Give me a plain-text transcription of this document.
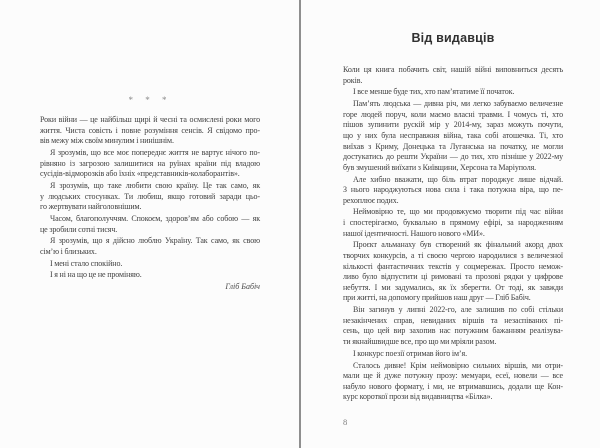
* * *
Роки війни — це найбільш щирі й чесні та осмислені роки мого
життя. Чиста совість і повне розуміння сенсів. Я свідомо про-
вів межу між своїм минулим і нинішнім.
Я зрозумів, що все моє попереднє життя не вартує нічого по-
рівняно із загрозою залишитися на руїнах країни під владою
сусідів-відморозків або їхніх «представників-колаборантів».
Я зрозумів, що таке любити свою країну. Це так само, як
у людських стосунках. Ти любиш, якщо готовий заради цьо-
го жертвувати найголовнішим.
Часом, благополуччям. Спокоєм, здоров’ям або собою — як
це зробили сотні тисяч.
Я зрозумів, що я дійсно люблю Україну. Так само, як свою
сім’ю і близьких.
І мені стало спокійно.
І я ні на що це не проміняю.
Гліб Бабіч
Від видавців
Коли ця книга побачить світ, нашій війні виповниться десять
років.
І все менше буде тих, хто пам’ятатиме її початок.
Пам’ять людська — дивна річ, ми легко забуваємо величезне
горе людей поруч, коли маємо власні травми. І чомусь ті, хто
пішов зупинити рускій мір у 2014-му, зараз можуть почути,
що у них була несправжня війна, така собі атошечка. Ті, хто
виїхав з Криму, Донецька та Луганська на початку, не могли
достукатись до решти України — до тих, хто пізніше у 2022-му
був змушений виїхати з Київщини, Херсона та Маріуполя.
Але хибно вважати, що біль втрат породжує лише відчай.
З нього народжуються нова сила і така потужна віра, що пе-
рехоплює подих.
Неймовірно те, що ми продовжуємо творити під час війни
і спостерігаємо, буквально в прямому ефірі, за народженням
нашої ідентичності. Нашого нового «МИ».
Проєкт альманаху був створений як фінальний акорд двох
творчих конкурсів, а ті своєю чергою народилися з величезної
кількості фантастичних текстів у соцмережах. Просто немож-
ливо було відпустити ці римовані та прозові рядки у цифрове
небуття. І ми задумались, як їх зберегти. От тоді, як завжди
при житті, на допомогу прийшов наш друг — Гліб Бабіч.
Він загинув у липні 2022-го, але залишив по собі стільки
незакінчених справ, невиданих віршів та незаспіваних пі-
сень, що цей вир захопив нас потужним бажанням реалізува-
ти якнайшвидше все, про що ми мріяли разом.
І конкурс поезії отримав його ім’я.
Сталось дивне! Крім неймовірно сильних віршів, ми отри-
мали ще й дуже потужну прозу: мемуари, есеї, новели — все
набуло нового формату, і ми, не втримавшись, додали ще Кон-
курс короткої прози від видавництва «Білка».
8
